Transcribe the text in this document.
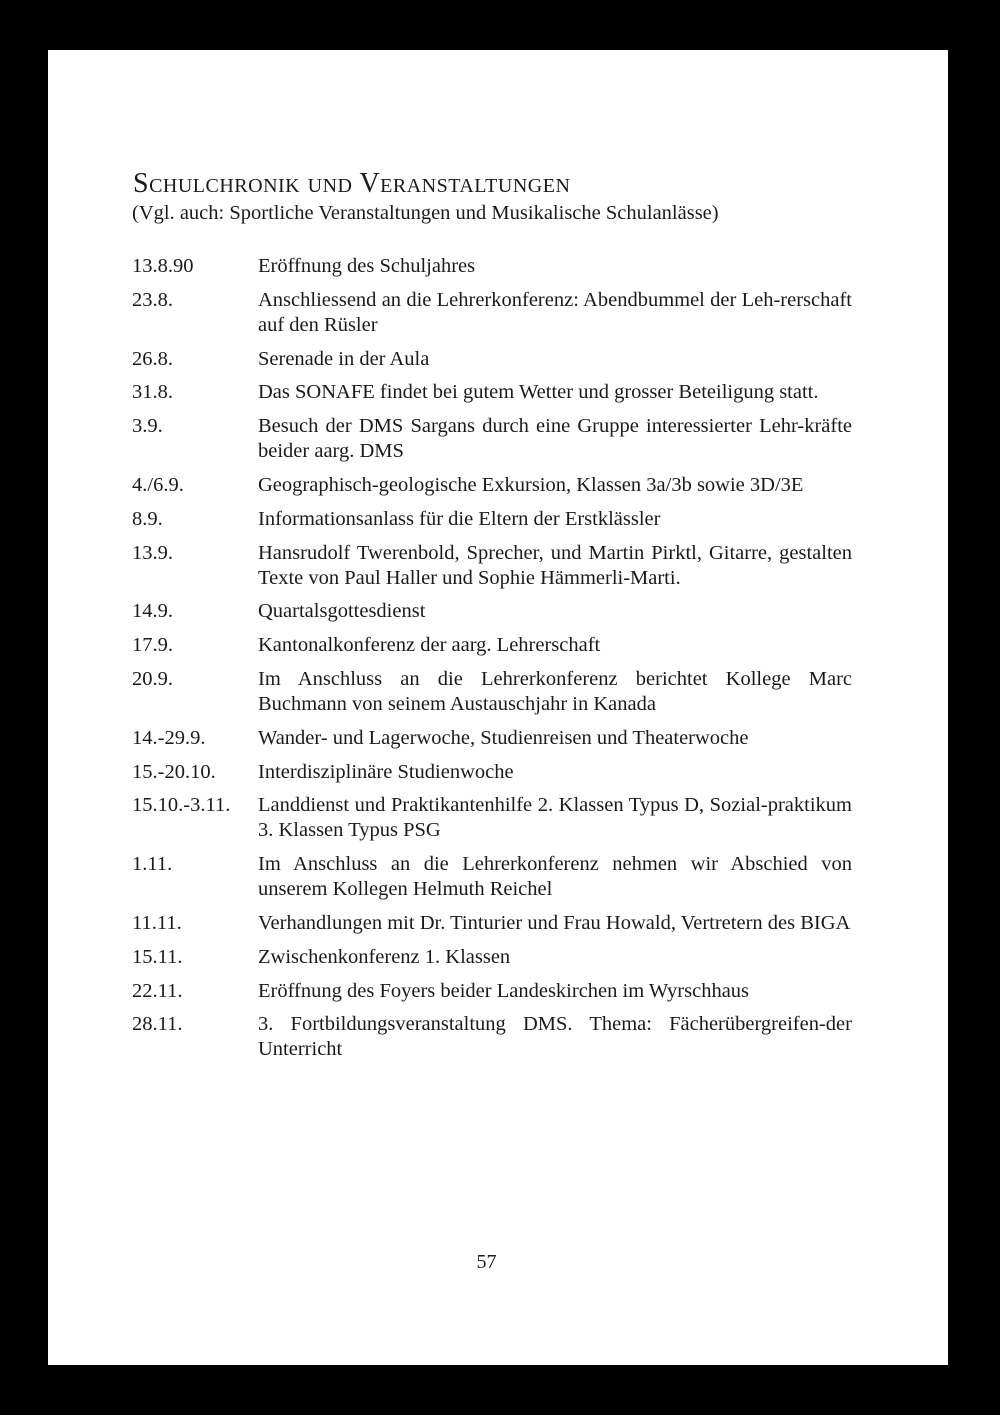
Schulchronik und Veranstaltungen

(Vgl. auch: Sportliche Veranstaltungen und Musikalische Schulanlässe)

13.8.90	Eröffnung des Schuljahres
23.8.	Anschliessend an die Lehrerkonferenz: Abendbummel der Leh-rerschaft auf den Rüsler
26.8.	Serenade in der Aula
31.8.	Das SONAFE findet bei gutem Wetter und grosser Beteiligung statt.
3.9.	Besuch der DMS Sargans durch eine Gruppe interessierter Lehr-kräfte beider aarg. DMS
4./6.9.	Geographisch-geologische Exkursion, Klassen 3a/3b sowie 3D/3E
8.9.	Informationsanlass für die Eltern der Erstklässler
13.9.	Hansrudolf Twerenbold, Sprecher, und Martin Pirktl, Gitarre, gestalten Texte von Paul Haller und Sophie Hämmerli-Marti.
14.9.	Quartalsgottesdienst
17.9.	Kantonalkonferenz der aarg. Lehrerschaft
20.9.	Im Anschluss an die Lehrerkonferenz berichtet Kollege Marc Buchmann von seinem Austauschjahr in Kanada
14.-29.9.	Wander- und Lagerwoche, Studienreisen und Theaterwoche
15.-20.10.	Interdisziplinäre Studienwoche
15.10.-3.11.	Landdienst und Praktikantenhilfe 2. Klassen Typus D, Sozial-praktikum 3. Klassen Typus PSG
1.11.	Im Anschluss an die Lehrerkonferenz nehmen wir Abschied von unserem Kollegen Helmuth Reichel
11.11.	Verhandlungen mit Dr. Tinturier und Frau Howald, Vertretern des BIGA
15.11.	Zwischenkonferenz 1. Klassen
22.11.	Eröffnung des Foyers beider Landeskirchen im Wyrschhaus
28.11.	3. Fortbildungsveranstaltung DMS. Thema: Fächerübergreifen-der Unterricht

57
